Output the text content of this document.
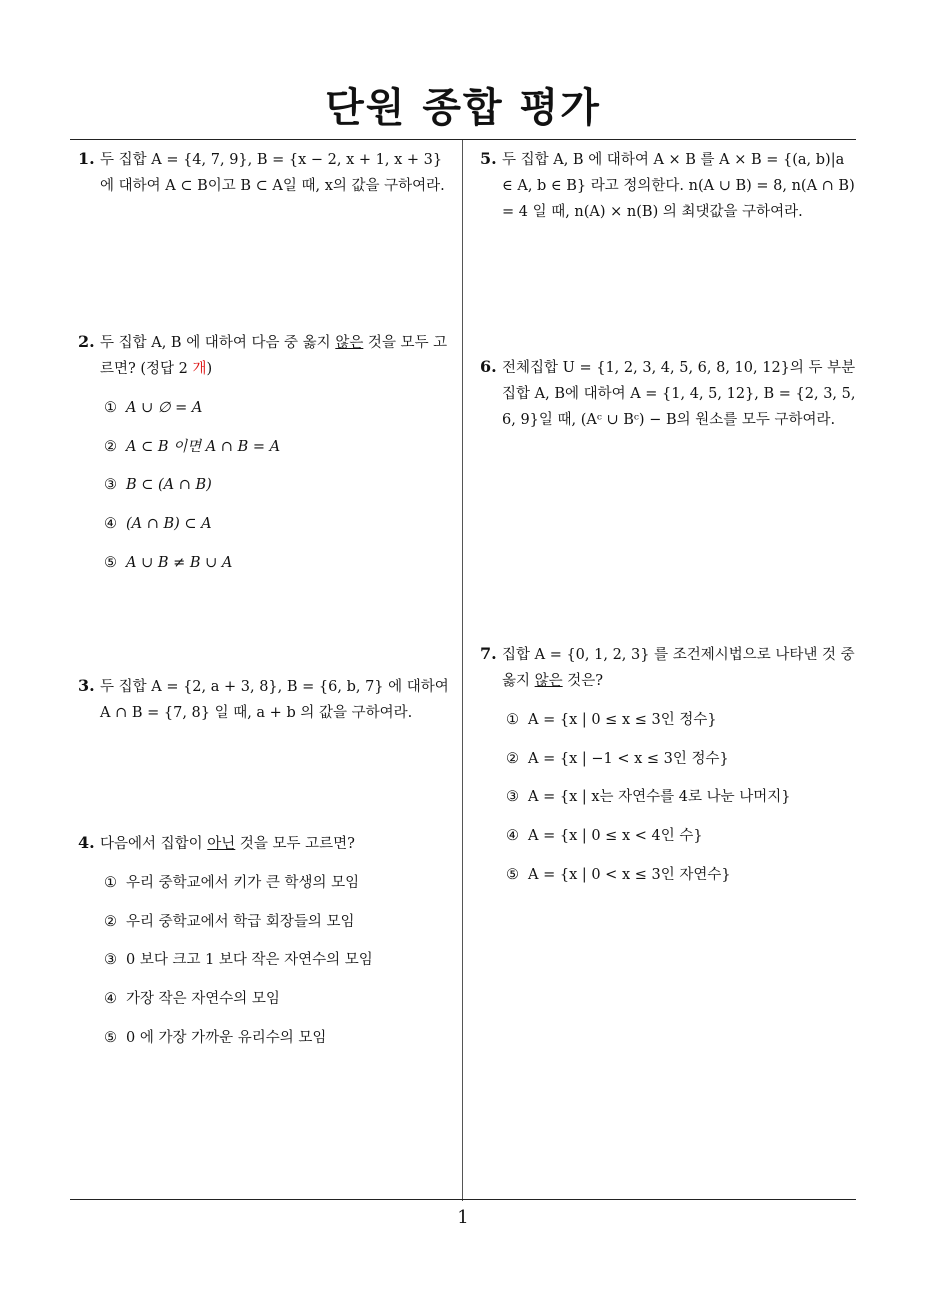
단원 종합 평가
1
1. 두 집합 A = {4, 7, 9}, B = {x − 2, x + 1, x + 3} 에 대하여 A ⊂ B이고 B ⊂ A일 때, x의 값을 구하여라.
2. 두 집합 A, B 에 대하여 다음 중 옳지 않은 것을 모두 고르면? (정답 2 개)
① A ∪ ∅ = A
② A ⊂ B 이면 A ∩ B = A
③ B ⊂ (A ∩ B)
④ (A ∩ B) ⊂ A
⑤ A ∪ B ≠ B ∪ A
3. 두 집합 A = {2, a + 3, 8}, B = {6, b, 7} 에 대하여 A ∩ B = {7, 8} 일 때, a + b 의 값을 구하여라.
4. 다음에서 집합이 아닌 것을 모두 고르면?
① 우리 중학교에서 키가 큰 학생의 모임
② 우리 중학교에서 학급 회장들의 모임
③ 0 보다 크고 1 보다 작은 자연수의 모임
④ 가장 작은 자연수의 모임
⑤ 0 에 가장 가까운 유리수의 모임
5. 두 집합 A, B 에 대하여 A × B 를 A × B = {(a, b)|a ∈ A, b ∈ B} 라고 정의한다. n(A ∪ B) = 8, n(A ∩ B) = 4 일 때, n(A) × n(B) 의 최댓값을 구하여라.
6. 전체집합 U = {1, 2, 3, 4, 5, 6, 8, 10, 12}의 두 부분집합 A, B에 대하여 A = {1, 4, 5, 12}, B = {2, 3, 5, 6, 9}일 때, (Aᶜ ∪ Bᶜ) − B의 원소를 모두 구하여라.
7. 집합 A = {0, 1, 2, 3} 를 조건제시법으로 나타낸 것 중 옳지 않은 것은?
① A = {x | 0 ≤ x ≤ 3인 정수}
② A = {x | −1 < x ≤ 3인 정수}
③ A = {x | x는 자연수를 4로 나눈 나머지}
④ A = {x | 0 ≤ x < 4인 수}
⑤ A = {x | 0 < x ≤ 3인 자연수}
